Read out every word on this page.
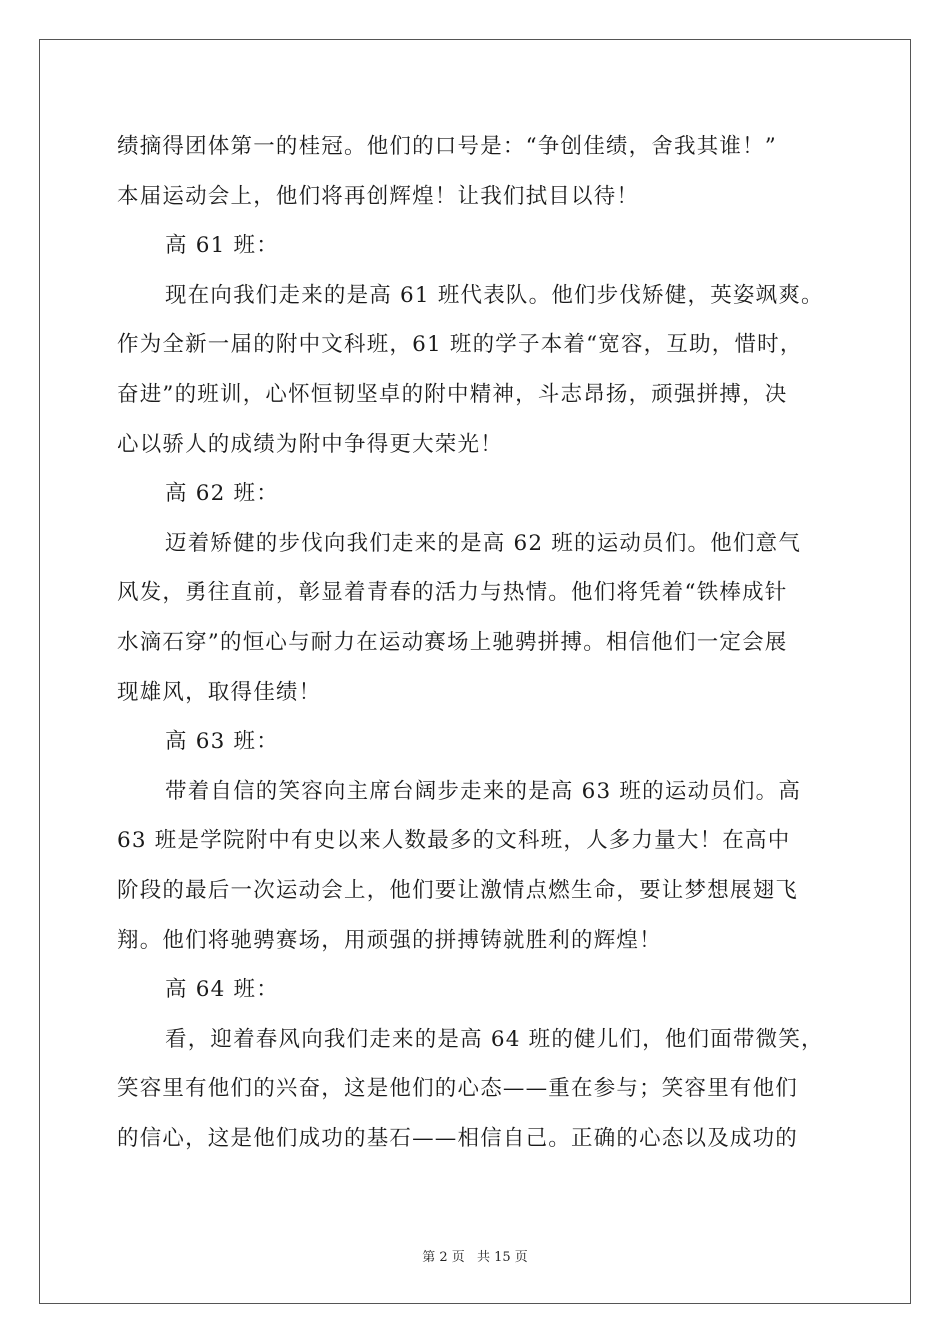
绩摘得团体第一的桂冠。他们的口号是：“争创佳绩，舍我其谁！”
本届运动会上，他们将再创辉煌！让我们拭目以待！
高 61 班：
现在向我们走来的是高 61 班代表队。他们步伐矫健，英姿飒爽。
作为全新一届的附中文科班，61 班的学子本着“宽容，互助，惜时，
奋进”的班训，心怀恒韧坚卓的附中精神，斗志昂扬，顽强拼搏，决
心以骄人的成绩为附中争得更大荣光！
高 62 班：
迈着矫健的步伐向我们走来的是高 62 班的运动员们。他们意气
风发，勇往直前，彰显着青春的活力与热情。他们将凭着“铁棒成针
水滴石穿”的恒心与耐力在运动赛场上驰骋拼搏。相信他们一定会展
现雄风，取得佳绩！
高 63 班：
带着自信的笑容向主席台阔步走来的是高 63 班的运动员们。高
63 班是学院附中有史以来人数最多的文科班，人多力量大！在高中
阶段的最后一次运动会上，他们要让激情点燃生命，要让梦想展翅飞
翔。他们将驰骋赛场，用顽强的拼搏铸就胜利的辉煌！
高 64 班：
看，迎着春风向我们走来的是高 64 班的健儿们，他们面带微笑，
笑容里有他们的兴奋，这是他们的心态——重在参与；笑容里有他们
的信心，这是他们成功的基石——相信自己。正确的心态以及成功的
第 2 页 共 15 页
